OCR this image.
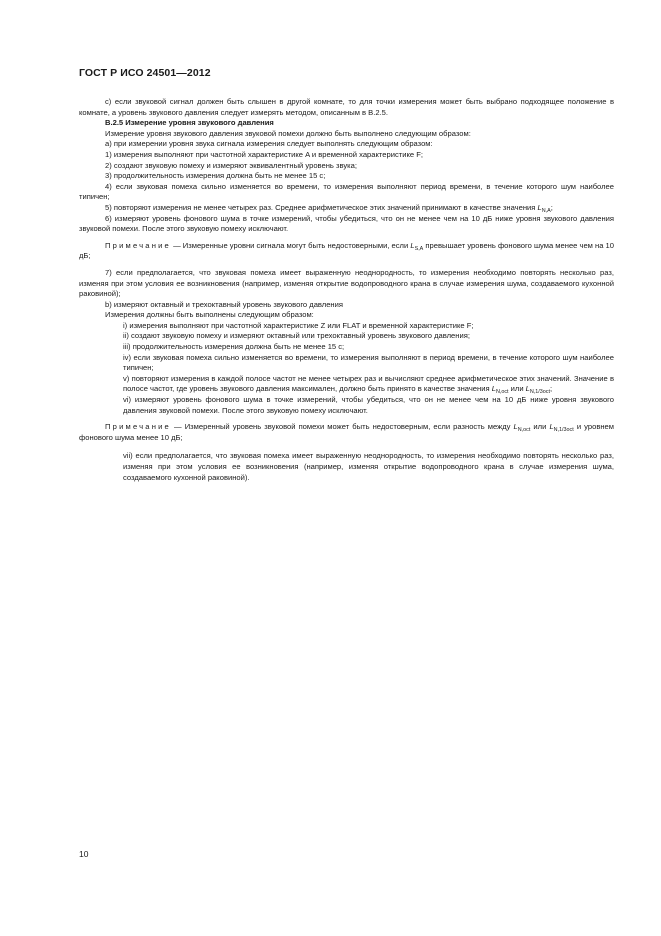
ГОСТ Р ИСО 24501—2012

c) если звуковой сигнал должен быть слышен в другой комнате, то для точки измерения может быть выбрано подходящее положение в комнате, а уровень звукового давления следует измерять методом, описанным в B.2.5.

B.2.5 Измерение уровня звукового давления

Измерение уровня звукового давления звуковой помехи должно быть выполнено следующим образом:

a) при измерении уровня звука сигнала измерения следует выполнять следующим образом:

1) измерения выполняют при частотной характеристике A и временной характеристике F;

2) создают звуковую помеху и измеряют эквивалентный уровень звука;

3) продолжительность измерения должна быть не менее 15 с;

4) если звуковая помеха сильно изменяется во времени, то измерения выполняют период времени, в течение которого шум наиболее типичен;

5) повторяют измерения не менее четырех раз. Среднее арифметическое этих значений принимают в качестве значения $L_{N,A}$;

6) измеряют уровень фонового шума в точке измерений, чтобы убедиться, что он не менее чем на 10 дБ ниже уровня звукового давления звуковой помехи. После этого звуковую помеху исключают.

Примечание — Измеренные уровни сигнала могут быть недостоверными, если $L_{S,A}$ превышает уровень фонового шума менее чем на 10 дБ;

7) если предполагается, что звуковая помеха имеет выраженную неоднородность, то измерения необходимо повторять несколько раз, изменяя при этом условия ее возникновения (например, изменяя открытие водопроводного крана в случае измерения шума, создаваемого кухонной раковиной);

b) измеряют октавный и трехоктавный уровень звукового давления

Измерения должны быть выполнены следующим образом:

i) измерения выполняют при частотной характеристике Z или FLAT и временной характеристике F;

ii) создают звуковую помеху и измеряют октавный или трехоктавный уровень звукового давления;

iii) продолжительность измерения должна быть не менее 15 с;

iv) если звуковая помеха сильно изменяется во времени, то измерения выполняют в период времени, в течение которого шум наиболее типичен;

v) повторяют измерения в каждой полосе частот не менее четырех раз и вычисляют среднее арифметическое этих значений. Значение в полосе частот, где уровень звукового давления максимален, должно быть принято в качестве значения $L_{N,oct}$ или $L_{N,1/3oct}$;

vi) измеряют уровень фонового шума в точке измерений, чтобы убедиться, что он не менее чем на 10 дБ ниже уровня звукового давления звуковой помехи. После этого звуковую помеху исключают.

Примечание — Измеренный уровень звуковой помехи может быть недостоверным, если разность между $L_{N,oct}$ или $L_{N,1/3oct}$ и уровнем фонового шума менее 10 дБ;

vii) если предполагается, что звуковая помеха имеет выраженную неоднородность, то измерения необходимо повторять несколько раз, изменяя при этом условия ее возникновения (например, изменяя открытие водопроводного крана в случае измерения шума, создаваемого кухонной раковиной).

10
